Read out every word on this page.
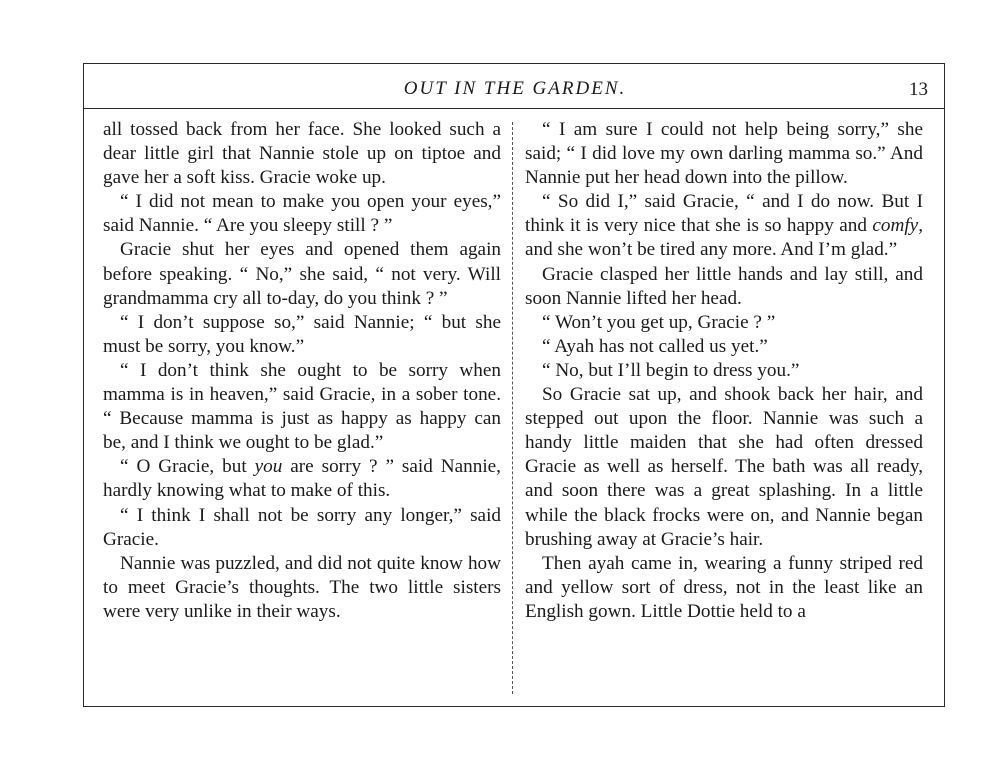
OUT IN THE GARDEN.	13

all tossed back from her face. She looked such a dear little girl that Nannie stole up on tiptoe and gave her a soft kiss. Gracie woke up.

“ I did not mean to make you open your eyes,” said Nannie. “ Are you sleepy still ? ”

Gracie shut her eyes and opened them again before speaking. “ No,” she said, “ not very. Will grandmamma cry all to-day, do you think ? ”

“ I don’t suppose so,” said Nannie; “ but she must be sorry, you know.”

“ I don’t think she ought to be sorry when mamma is in heaven,” said Gracie, in a sober tone. “ Because mamma is just as happy as happy can be, and I think we ought to be glad.”

“ O Gracie, but you are sorry ? ” said Nannie, hardly knowing what to make of this.

“ I think I shall not be sorry any longer,” said Gracie.

Nannie was puzzled, and did not quite know how to meet Gracie’s thoughts. The two little sisters were very unlike in their ways.

“ I am sure I could not help being sorry,” she said; “ I did love my own darling mamma so.” And Nannie put her head down into the pillow.

“ So did I,” said Gracie, “ and I do now. But I think it is very nice that she is so happy and comfy, and she won’t be tired any more. And I’m glad.”

Gracie clasped her little hands and lay still, and soon Nannie lifted her head.

“ Won’t you get up, Gracie ? ”

“ Ayah has not called us yet.”

“ No, but I’ll begin to dress you.”

So Gracie sat up, and shook back her hair, and stepped out upon the floor. Nannie was such a handy little maiden that she had often dressed Gracie as well as herself. The bath was all ready, and soon there was a great splashing. In a little while the black frocks were on, and Nannie began brushing away at Gracie’s hair.

Then ayah came in, wearing a funny striped red and yellow sort of dress, not in the least like an English gown. Little Dottie held to a
